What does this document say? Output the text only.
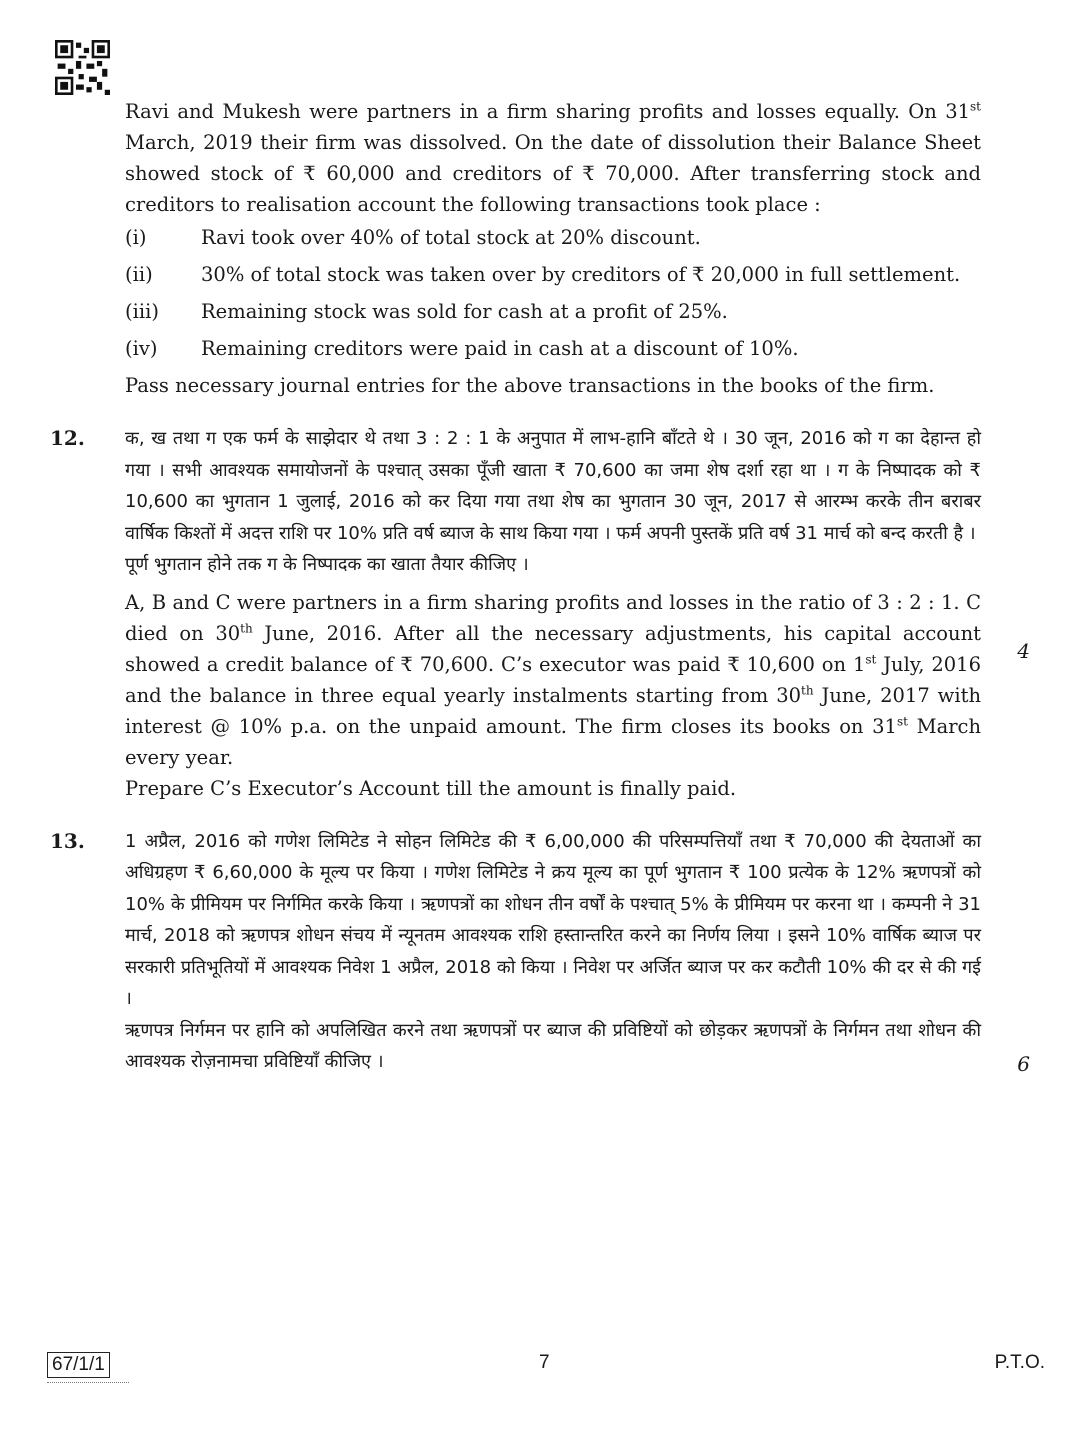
Ravi and Mukesh were partners in a firm sharing profits and losses equally. On 31st March, 2019 their firm was dissolved. On the date of dissolution their Balance Sheet showed stock of ₹ 60,000 and creditors of ₹ 70,000. After transferring stock and creditors to realisation account the following transactions took place :
(i)	Ravi took over 40% of total stock at 20% discount.
(ii)	30% of total stock was taken over by creditors of ₹ 20,000 in full settlement.
(iii)	Remaining stock was sold for cash at a profit of 25%.
(iv)	Remaining creditors were paid in cash at a discount of 10%.
Pass necessary journal entries for the above transactions in the books of the firm.
12. क, ख तथा ग एक फर्म के साझेदार थे तथा 3 : 2 : 1 के अनुपात में लाभ-हानि बाँटते थे । 30 जून, 2016 को ग का देहान्त हो गया । सभी आवश्यक समायोजनों के पश्चात् उसका पूँजी खाता ₹ 70,600 का जमा शेष दर्शा रहा था । ग के निष्पादक को ₹ 10,600 का भुगतान 1 जुलाई, 2016 को कर दिया गया तथा शेष का भुगतान 30 जून, 2017 से आरम्भ करके तीन बराबर वार्षिक किश्तों में अदत्त राशि पर 10% प्रति वर्ष ब्याज के साथ किया गया । फर्म अपनी पुस्तकें प्रति वर्ष 31 मार्च को बन्द करती है ।
पूर्ण भुगतान होने तक ग के निष्पादक का खाता तैयार कीजिए ।
4
A, B and C were partners in a firm sharing profits and losses in the ratio of 3 : 2 : 1. C died on 30th June, 2016. After all the necessary adjustments, his capital account showed a credit balance of ₹ 70,600. C’s executor was paid ₹ 10,600 on 1st July, 2016 and the balance in three equal yearly instalments starting from 30th June, 2017 with interest @ 10% p.a. on the unpaid amount. The firm closes its books on 31st March every year.
Prepare C’s Executor’s Account till the amount is finally paid.
13. 1 अप्रैल, 2016 को गणेश लिमिटेड ने सोहन लिमिटेड की ₹ 6,00,000 की परिसम्पत्तियाँ तथा ₹ 70,000 की देयताओं का अधिग्रहण ₹ 6,60,000 के मूल्य पर किया । गणेश लिमिटेड ने क्रय मूल्य का पूर्ण भुगतान ₹ 100 प्रत्येक के 12% ऋणपत्रों को 10% के प्रीमियम पर निर्गमित करके किया । ऋणपत्रों का शोधन तीन वर्षों के पश्चात् 5% के प्रीमियम पर करना था । कम्पनी ने 31 मार्च, 2018 को ऋणपत्र शोधन संचय में न्यूनतम आवश्यक राशि हस्तान्तरित करने का निर्णय लिया । इसने 10% वार्षिक ब्याज पर सरकारी प्रतिभूतियों में आवश्यक निवेश 1 अप्रैल, 2018 को किया । निवेश पर अर्जित ब्याज पर कर कटौती 10% की दर से की गई ।
ऋणपत्र निर्गमन पर हानि को अपलिखित करने तथा ऋणपत्रों पर ब्याज की प्रविष्टियों को छोड़कर ऋणपत्रों के निर्गमन तथा शोधन की आवश्यक रोज़नामचा प्रविष्टियाँ कीजिए ।	6
67/1/1	7	P.T.O.
